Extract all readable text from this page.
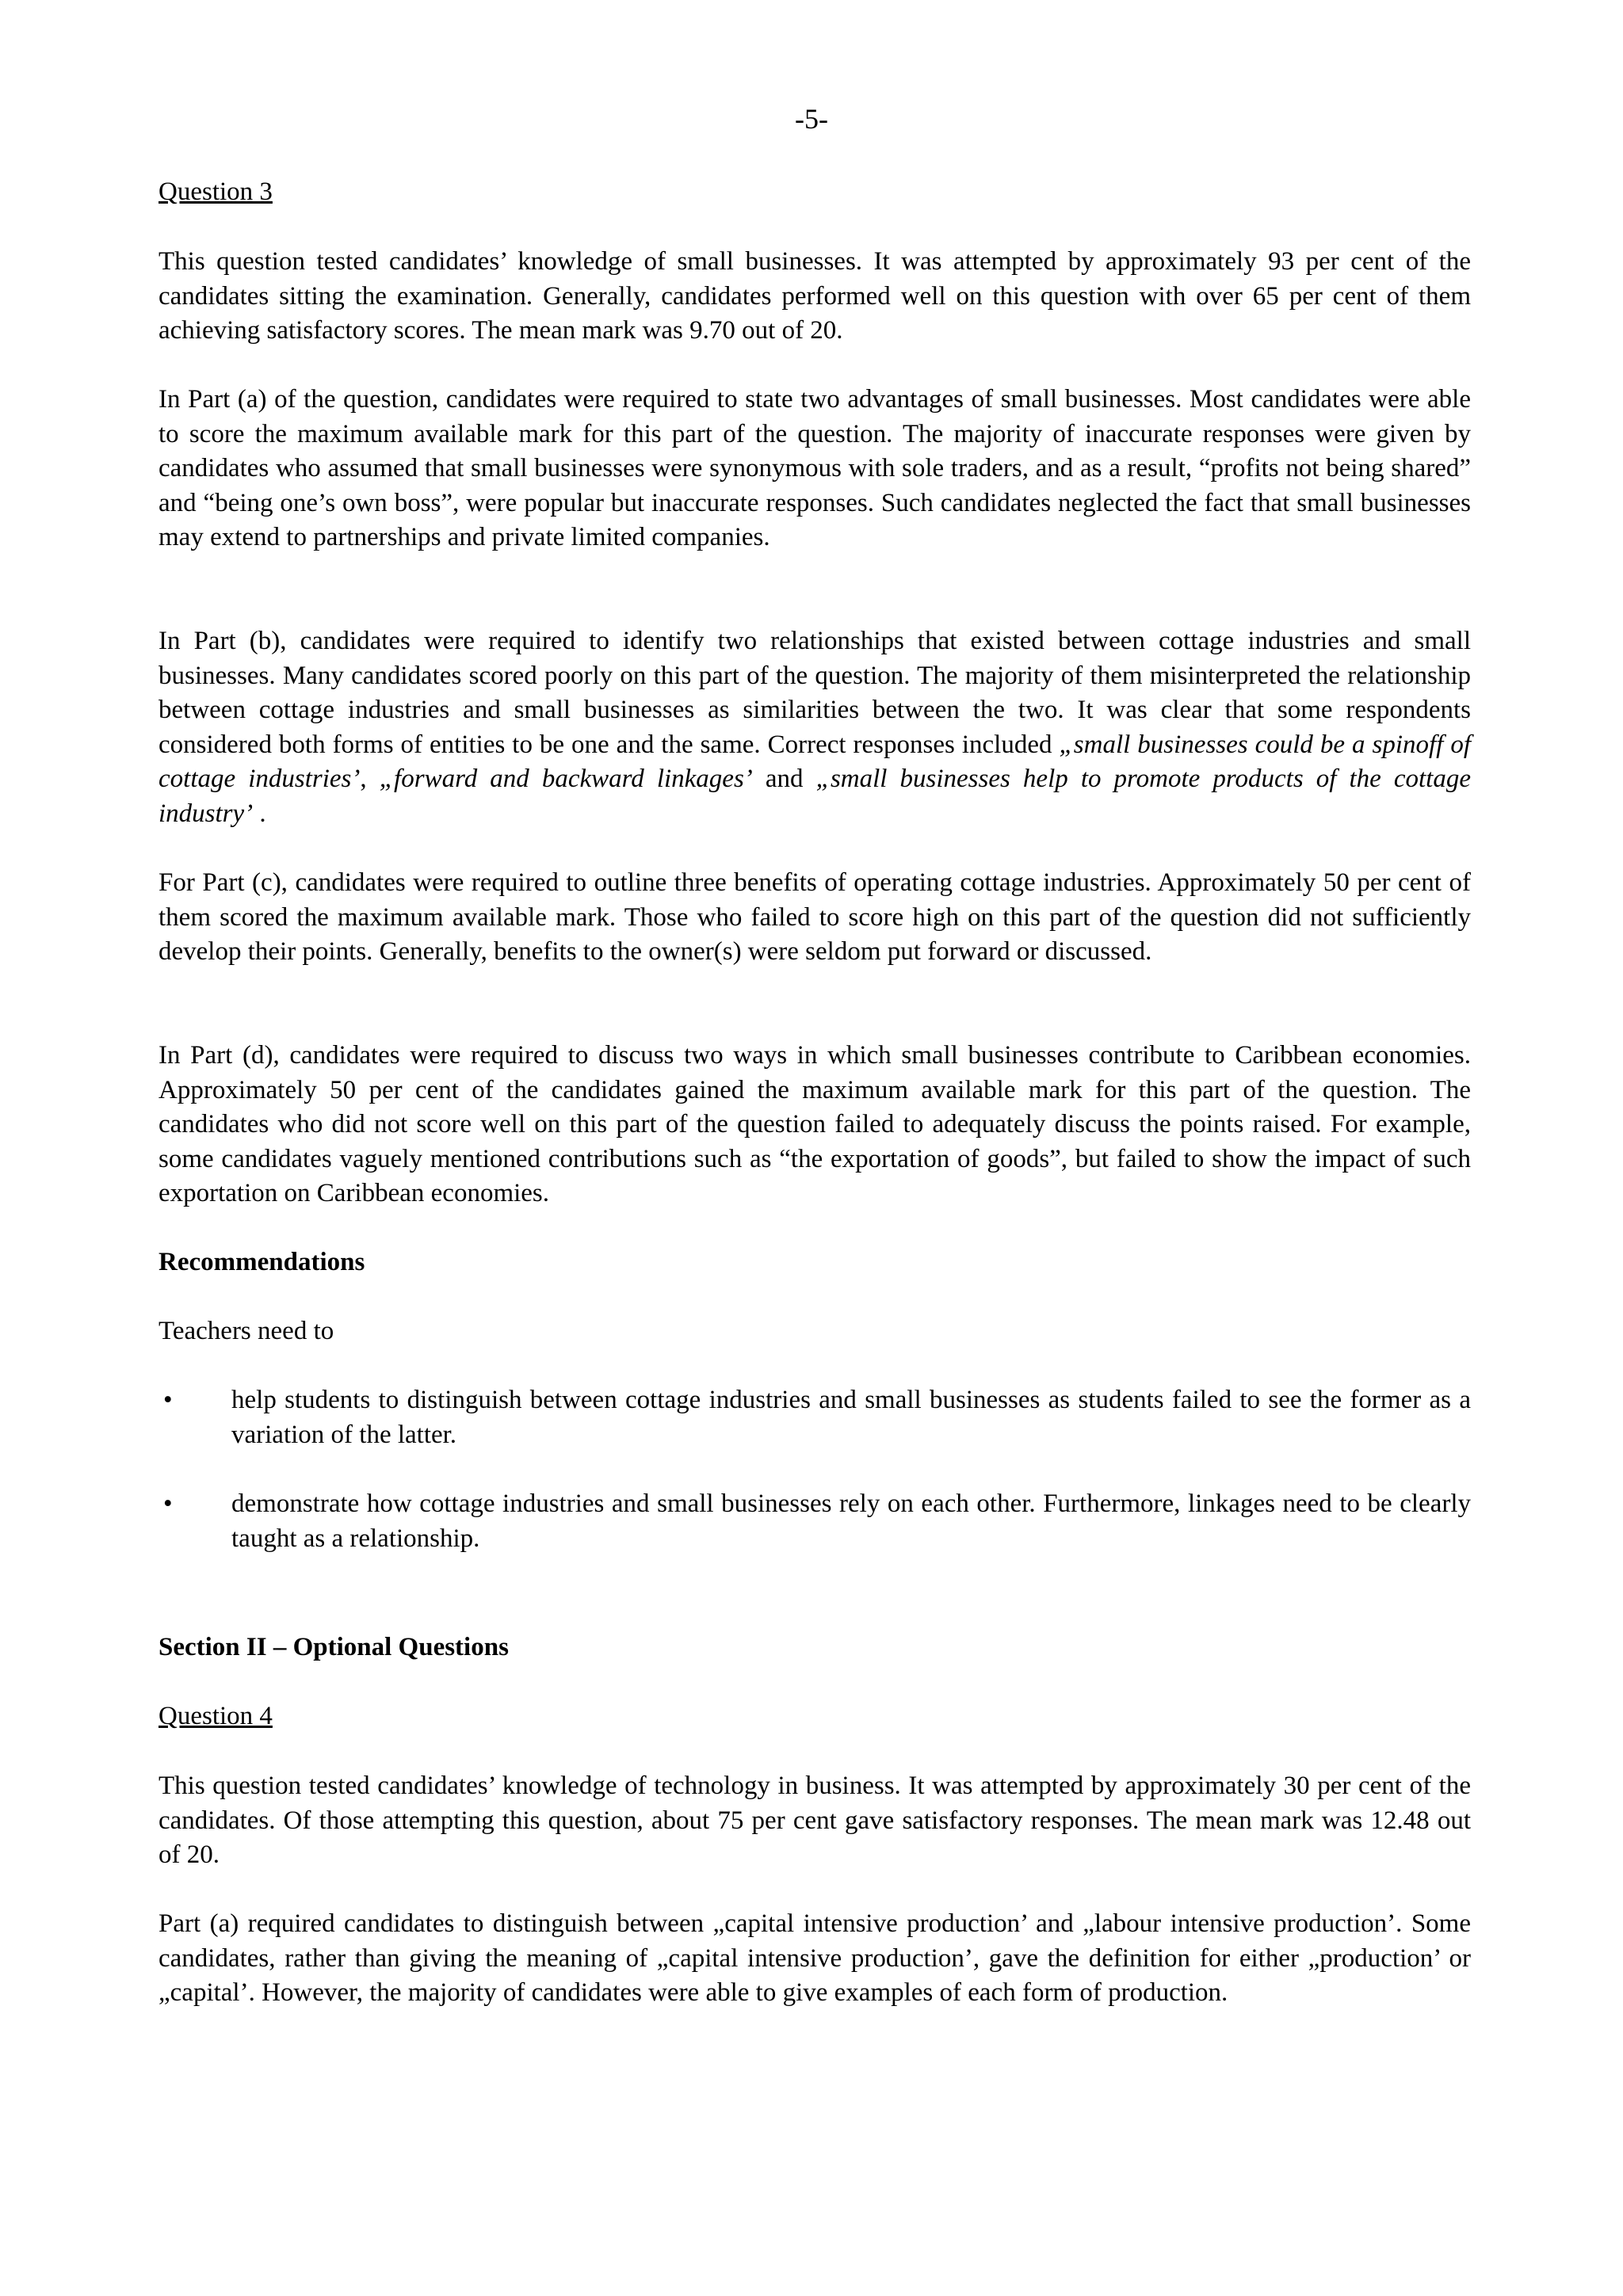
-5-
Question 3

This question tested candidates’ knowledge of small businesses. It was attempted by approximately 93 per cent of the candidates sitting the examination. Generally, candidates performed well on this question with over 65 per cent of them achieving satisfactory scores. The mean mark was 9.70 out of 20.

In Part (a) of the question, candidates were required to state two advantages of small businesses. Most candidates were able to score the maximum available mark for this part of the question. The majority of inaccurate responses were given by candidates who assumed that small businesses were synonymous with sole traders, and as a result, “profits not being shared” and “being one’s own boss”, were popular but inaccurate responses. Such candidates neglected the fact that small businesses may extend to partnerships and private limited companies.

In Part (b), candidates were required to identify two relationships that existed between cottage industries and small businesses. Many candidates scored poorly on this part of the question. The majority of them misinterpreted the relationship between cottage industries and small businesses as similarities between the two. It was clear that some respondents considered both forms of entities to be one and the same. Correct responses included „small businesses could be a spinoff of cottage industries’, „forward and backward linkages’ and „small businesses help to promote products of the cottage industry’ .

For Part (c), candidates were required to outline three benefits of operating cottage industries. Approximately 50 per cent of them scored the maximum available mark. Those who failed to score high on this part of the question did not sufficiently develop their points. Generally, benefits to the owner(s) were seldom put forward or discussed.

In Part (d), candidates were required to discuss two ways in which small businesses contribute to Caribbean economies. Approximately 50 per cent of the candidates gained the maximum available mark for this part of the question. The candidates who did not score well on this part of the question failed to adequately discuss the points raised. For example, some candidates vaguely mentioned contributions such as “the exportation of goods”, but failed to show the impact of such exportation on Caribbean economies.

Recommendations
Teachers need to
•	help students to distinguish between cottage industries and small businesses as students failed to see the former as a variation of the latter.
•	demonstrate how cottage industries and small businesses rely on each other. Furthermore, linkages need to be clearly taught as a relationship.
Section II – Optional Questions
Question 4

This question tested candidates’ knowledge of technology in business. It was attempted by approximately 30 per cent of the candidates. Of those attempting this question, about 75 per cent gave satisfactory responses. The mean mark was 12.48 out of 20.

Part (a) required candidates to distinguish between „capital intensive production’ and „labour intensive production’. Some candidates, rather than giving the meaning of „capital intensive production’, gave the definition for either „production’ or „capital’. However, the majority of candidates were able to give examples of each form of production.
